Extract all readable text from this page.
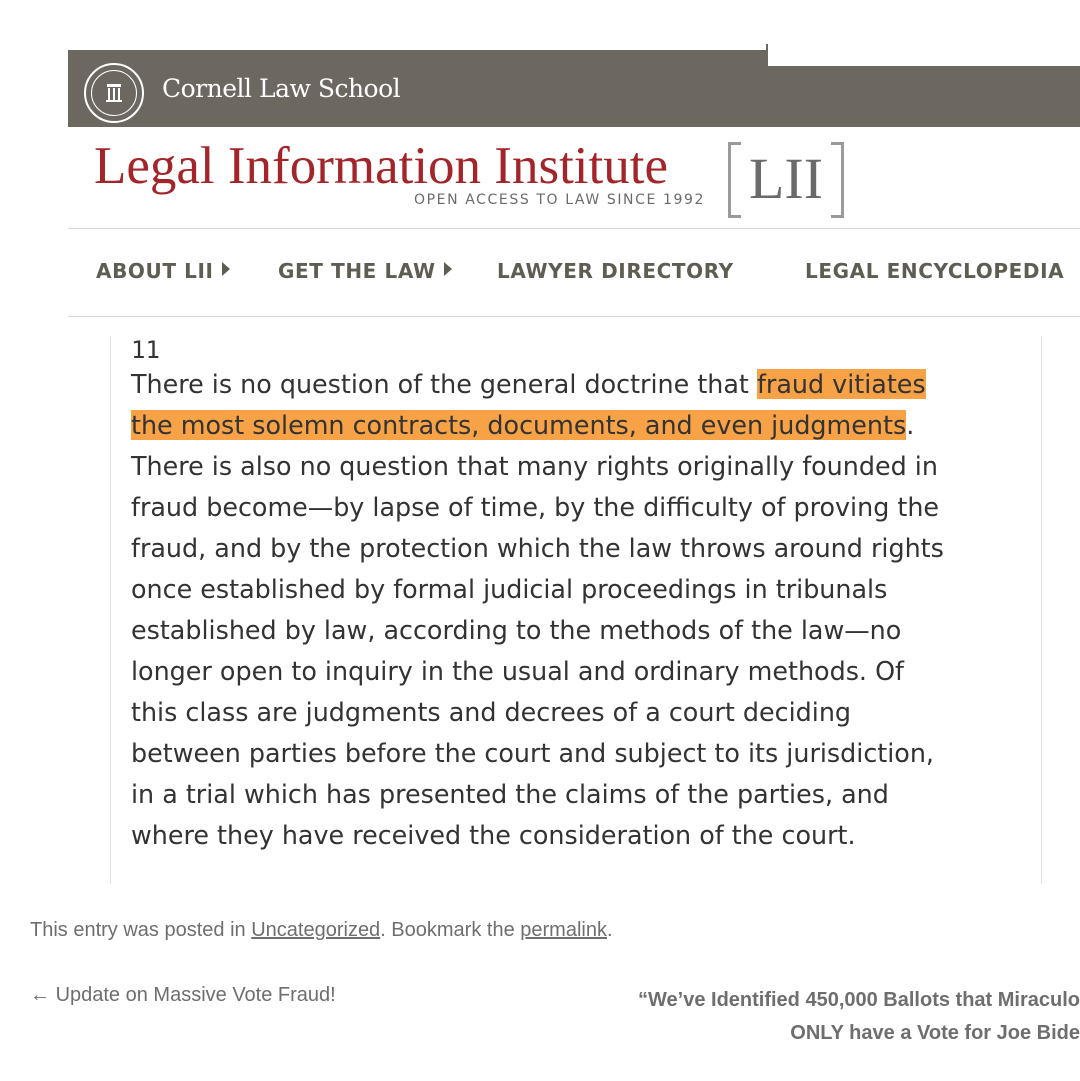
Cornell Law School
Legal Information Institute
OPEN ACCESS TO LAW SINCE 1992 LII
ABOUT LII	GET THE LAW	LAWYER DIRECTORY	LEGAL ENCYCLOPEDIA
11
There is no question of the general doctrine that fraud vitiates
the most solemn contracts, documents, and even judgments.
There is also no question that many rights originally founded in
fraud become—by lapse of time, by the difficulty of proving the
fraud, and by the protection which the law throws around rights
once established by formal judicial proceedings in tribunals
established by law, according to the methods of the law—no
longer open to inquiry in the usual and ordinary methods. Of
this class are judgments and decrees of a court deciding
between parties before the court and subject to its jurisdiction,
in a trial which has presented the claims of the parties, and
where they have received the consideration of the court.
This entry was posted in Uncategorized. Bookmark the permalink.
← Update on Massive Vote Fraud!	“We’ve Identified 450,000 Ballots that Miraculo
ONLY have a Vote for Joe Bide
